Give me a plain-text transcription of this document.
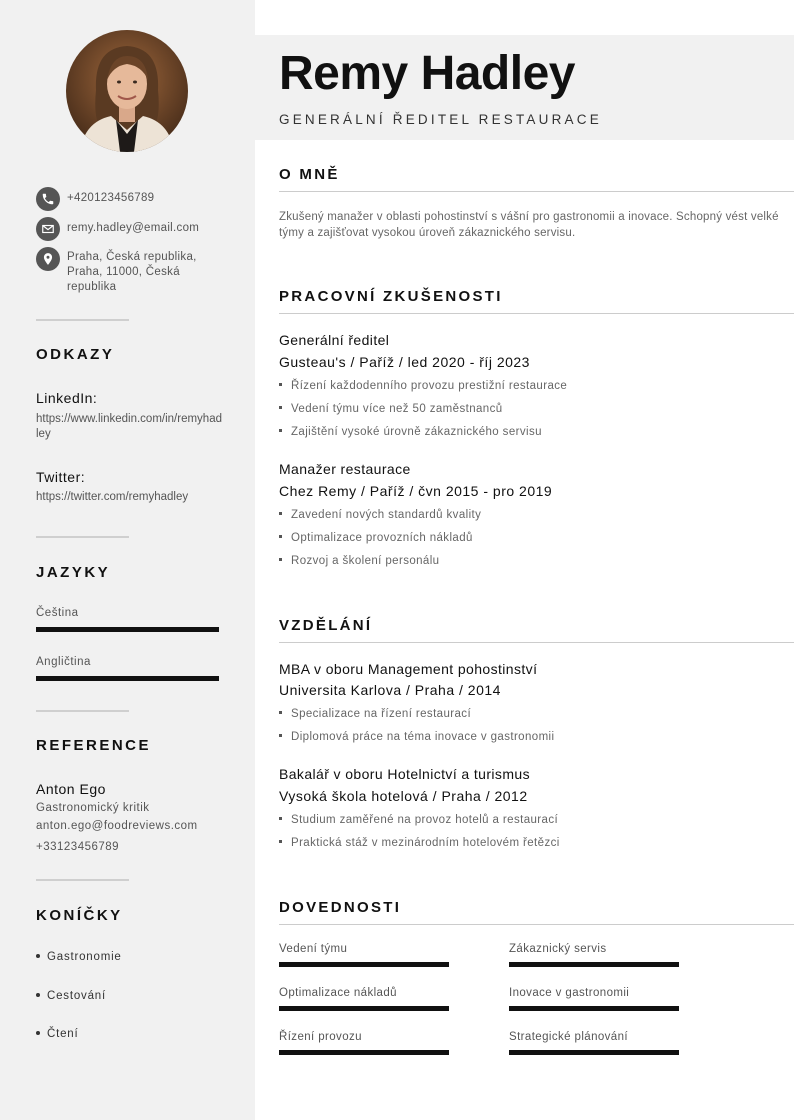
+420123456789
remy.hadley@email.com
Praha, Česká republika, Praha, 11000, Česká republika
ODKAZY
LinkedIn:
https://www.linkedin.com/in/remyhadley
Twitter:
https://twitter.com/remyhadley
JAZYKY
Čeština
Angličtina
REFERENCE
Anton Ego
Gastronomický kritik
anton.ego@foodreviews.com
+33123456789
KONÍČKY
Gastronomie
Cestování
Čtení
Remy Hadley
GENERÁLNÍ ŘEDITEL RESTAURACE
O MNĚ
Zkušený manažer v oblasti pohostinství s vášní pro gastronomii a inovace. Schopný vést velké týmy a zajišťovat vysokou úroveň zákaznického servisu.
PRACOVNÍ ZKUŠENOSTI
Generální ředitel
Gusteau's / Paříž / led 2020 - říj 2023
Řízení každodenního provozu prestižní restaurace
Vedení týmu více než 50 zaměstnanců
Zajištění vysoké úrovně zákaznického servisu
Manažer restaurace
Chez Remy / Paříž / čvn 2015 - pro 2019
Zavedení nových standardů kvality
Optimalizace provozních nákladů
Rozvoj a školení personálu
VZDĚLÁNÍ
MBA v oboru Management pohostinství
Universita Karlova / Praha / 2014
Specializace na řízení restaurací
Diplomová práce na téma inovace v gastronomii
Bakalář v oboru Hotelnictví a turismus
Vysoká škola hotelová / Praha / 2012
Studium zaměřené na provoz hotelů a restaurací
Praktická stáž v mezinárodním hotelovém řetězci
DOVEDNOSTI
Vedení týmu	Zákaznický servis
Optimalizace nákladů	Inovace v gastronomii
Řízení provozu	Strategické plánování
